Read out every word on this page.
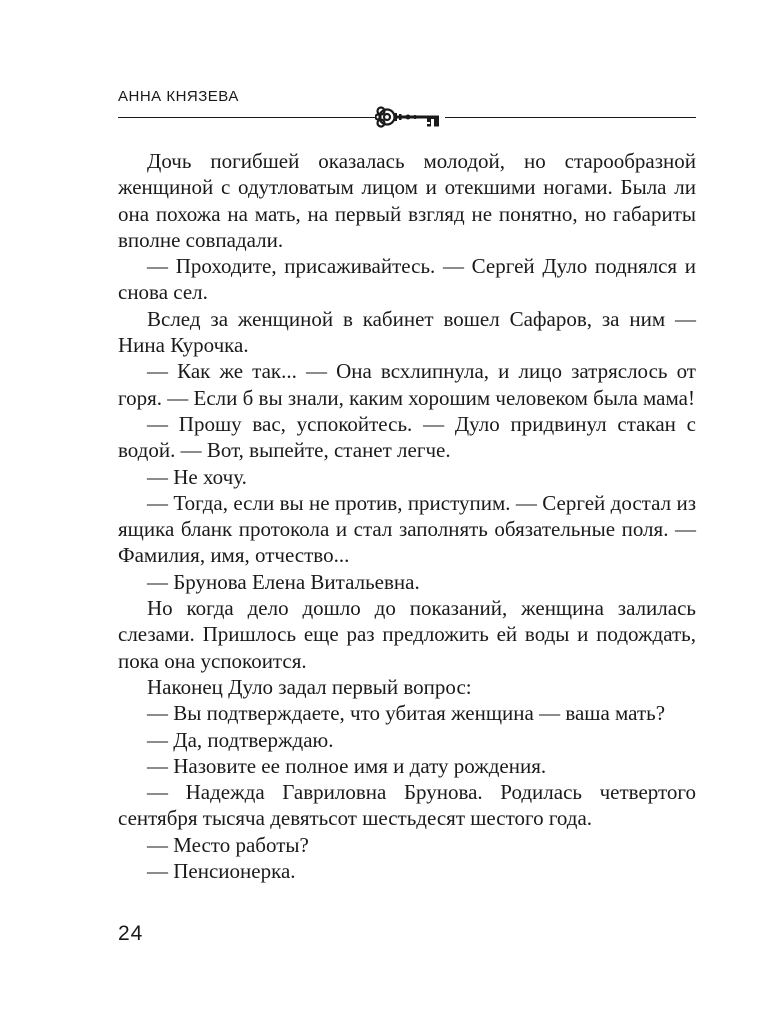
АННА КНЯЗЕВА

Дочь погибшей оказалась молодой, но старообразной женщиной с одутловатым лицом и отекшими ногами. Была ли она похожа на мать, на первый взгляд не понятно, но габариты вполне совпадали.

— Проходите, присаживайтесь. — Сергей Дуло поднялся и снова сел.

Вслед за женщиной в кабинет вошел Сафаров, за ним — Нина Курочка.

— Как же так... — Она всхлипнула, и лицо затряслось от горя. — Если б вы знали, каким хорошим человеком была мама!

— Прошу вас, успокойтесь. — Дуло придвинул стакан с водой. — Вот, выпейте, станет легче.

— Не хочу.

— Тогда, если вы не против, приступим. — Сергей достал из ящика бланк протокола и стал заполнять обязательные поля. — Фамилия, имя, отчество...

— Брунова Елена Витальевна.

Но когда дело дошло до показаний, женщина залилась слезами. Пришлось еще раз предложить ей воды и подождать, пока она успокоится.

Наконец Дуло задал первый вопрос:

— Вы подтверждаете, что убитая женщина — ваша мать?

— Да, подтверждаю.

— Назовите ее полное имя и дату рождения.

— Надежда Гавриловна Брунова. Родилась четвертого сентября тысяча девятьсот шестьдесят шестого года.

— Место работы?

— Пенсионерка.

24
